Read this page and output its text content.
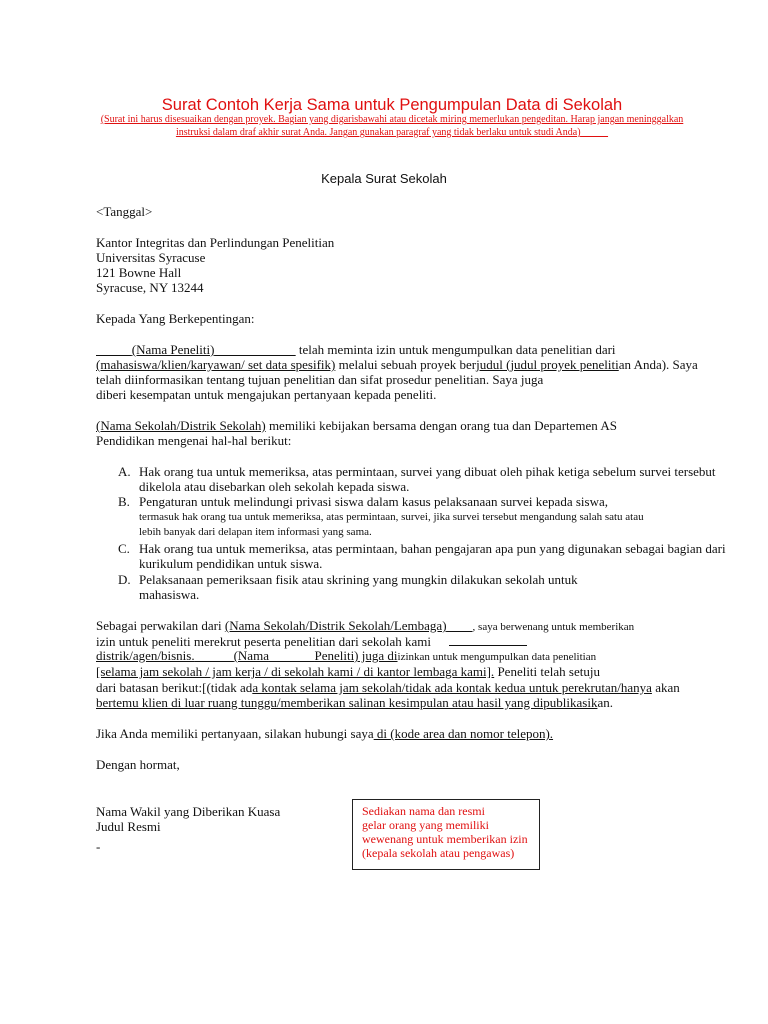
Surat Contoh Kerja Sama untuk Pengumpulan Data di Sekolah
(Surat ini harus disesuaikan dengan proyek. Bagian yang digarisbawahi atau dicetak miring memerlukan pengeditan. Harap jangan meninggalkan
instruksi dalam draf akhir surat Anda. Jangan gunakan paragraf yang tidak berlaku untuk studi Anda)
Kepala Surat Sekolah
<Tanggal>
Kantor Integritas dan Perlindungan Penelitian
Universitas Syracuse
121 Bowne Hall
Syracuse, NY 13244
Kepada Yang Berkepentingan:
(Nama Peneliti)	telah meminta izin untuk mengumpulkan data penelitian dari
(mahasiswa/klien/karyawan/ set data spesifik) melalui sebuah proyek berjudul (judul proyek penelitian Anda). Saya
telah diinformasikan tentang tujuan penelitian dan sifat prosedur penelitian. Saya juga
diberi kesempatan untuk mengajukan pertanyaan kepada peneliti.
(Nama Sekolah/Distrik Sekolah) memiliki kebijakan bersama dengan orang tua dan Departemen AS
Pendidikan mengenai hal-hal berikut:
A. Hak orang tua untuk memeriksa, atas permintaan, survei yang dibuat oleh pihak ketiga sebelum survei tersebut
dikelola atau disebarkan oleh sekolah kepada siswa.
B. Pengaturan untuk melindungi privasi siswa dalam kasus pelaksanaan survei kepada siswa,
termasuk hak orang tua untuk memeriksa, atas permintaan, survei, jika survei tersebut mengandung salah satu atau
lebih banyak dari delapan item informasi yang sama.
C. Hak orang tua untuk memeriksa, atas permintaan, bahan pengajaran apa pun yang digunakan sebagai bagian dari
kurikulum pendidikan untuk siswa.
D. Pelaksanaan pemeriksaan fisik atau skrining yang mungkin dilakukan sekolah untuk
mahasiswa.
Sebagai perwakilan dari (Nama Sekolah/Distrik Sekolah/Lembaga) , saya berwenang untuk memberikan
izin untuk peneliti merekrut peserta penelitian dari sekolah kami
distrik/agen/bisnis.	(Nama	Peneliti) juga diizinkan untuk mengumpulkan data penelitian
[selama jam sekolah / jam kerja / di sekolah kami / di kantor lembaga kami]. Peneliti telah setuju
dari batasan berikut:[(tidak ada kontak selama jam sekolah/tidak ada kontak kedua untuk perekrutan/hanya akan
bertemu klien di luar ruang tunggu/memberikan salinan kesimpulan atau hasil yang dipublikasikan.
Jika Anda memiliki pertanyaan, silakan hubungi saya di (kode area dan nomor telepon).
Dengan hormat,
Nama Wakil yang Diberikan Kuasa
Judul Resmi
-
Sediakan nama dan resmi
gelar orang yang memiliki
wewenang untuk memberikan izin
(kepala sekolah atau pengawas)
